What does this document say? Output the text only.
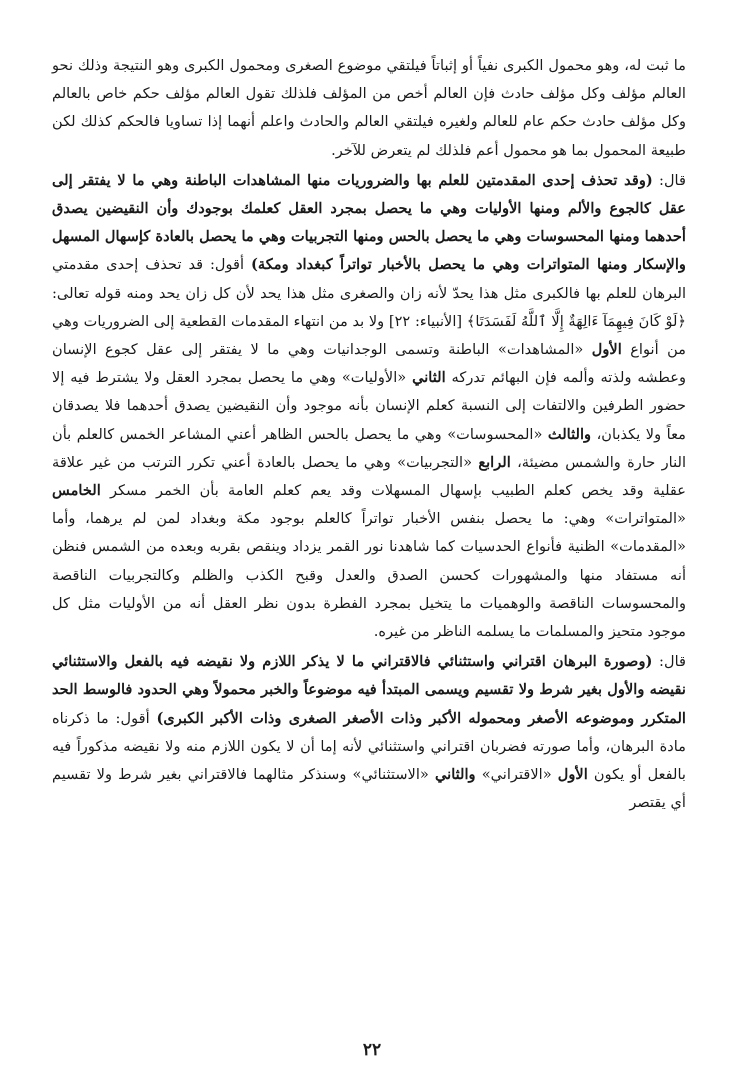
ما ثبت له، وهو محمول الكبرى نفياً أو إثباتاً فيلتقي موضوع الصغرى ومحمول الكبرى وهو النتيجة وذلك نحو العالم مؤلف وكل مؤلف حادث فإن العالم أخص من المؤلف فلذلك تقول العالم مؤلف حكم خاص بالعالم وكل مؤلف حادث حكم عام للعالم ولغيره فيلتقي العالم والحادث واعلم أنهما إذا تساويا فالحكم كذلك لكن طبيعة المحمول بما هو محمول أعم فلذلك لم يتعرض للآخر.

قال: (وقد تحذف إحدى المقدمتين للعلم بها والضروريات منها المشاهدات الباطنة وهي ما لا يفتقر إلى عقل كالجوع والألم ومنها الأوليات وهي ما يحصل بمجرد العقل كعلمك بوجودك وأن النقيضين يصدق أحدهما ومنها المحسوسات وهي ما يحصل بالحس ومنها التجربيات وهي ما يحصل بالعادة كإسهال المسهل والإسكار ومنها المتواترات وهي ما يحصل بالأخبار تواتراً كبغداد ومكة) أقول: قد تحذف إحدى مقدمتي البرهان للعلم بها فالكبرى مثل هذا يحدّ لأنه زان والصغرى مثل هذا يحد لأن كل زان يحد ومنه قوله تعالى: ﴿لَوْ كَانَ فِيهِمَآ ءَالِهَةٌ إِلَّا ٱللَّهُ لَفَسَدَتَا﴾ [الأنبياء: ٢٢] ولا بد من انتهاء المقدمات القطعية إلى الضروريات وهي من أنواع الأول «المشاهدات» الباطنة وتسمى الوجدانيات وهي ما لا يفتقر إلى عقل كجوع الإنسان وعطشه ولذته وألمه فإن البهائم تدركه الثاني «الأوليات» وهي ما يحصل بمجرد العقل ولا يشترط فيه إلا حضور الطرفين والالتفات إلى النسبة كعلم الإنسان بأنه موجود وأن النقيضين يصدق أحدهما فلا يصدقان معاً ولا يكذبان، والثالث «المحسوسات» وهي ما يحصل بالحس الظاهر أعني المشاعر الخمس كالعلم بأن النار حارة والشمس مضيئة، الرابع «التجربيات» وهي ما يحصل بالعادة أعني تكرر الترتب من غير علاقة عقلية وقد يخص كعلم الطبيب بإسهال المسهلات وقد يعم كعلم العامة بأن الخمر مسكر الخامس «المتواترات» وهي: ما يحصل بنفس الأخبار تواتراً كالعلم بوجود مكة وبغداد لمن لم يرهما، وأما «المقدمات» الظنية فأنواع الحدسيات كما شاهدنا نور القمر يزداد وينقص بقربه وبعده من الشمس فنظن أنه مستفاد منها والمشهورات كحسن الصدق والعدل وقبح الكذب والظلم وكالتجربيات الناقصة والمحسوسات الناقصة والوهميات ما يتخيل بمجرد الفطرة بدون نظر العقل أنه من الأوليات مثل كل موجود متحيز والمسلمات ما يسلمه الناظر من غيره.

قال: (وصورة البرهان اقتراني واستثنائي فالاقتراني ما لا يذكر اللازم ولا نقيضه فيه بالفعل والاستثنائي نقيضه والأول بغير شرط ولا تقسيم ويسمى المبتدأ فيه موضوعاً والخبر محمولاً وهي الحدود فالوسط الحد المتكرر وموضوعه الأصغر ومحموله الأكبر وذات الأصغر الصغرى وذات الأكبر الكبرى) أقول: ما ذكرناه مادة البرهان، وأما صورته فضربان اقتراني واستثنائي لأنه إما أن لا يكون اللازم منه ولا نقيضه مذكوراً فيه بالفعل أو يكون الأول «الاقتراني» والثاني «الاستثنائي» وسنذكر مثالهما فالاقتراني بغير شرط ولا تقسيم أي يقتصر

٢٢
